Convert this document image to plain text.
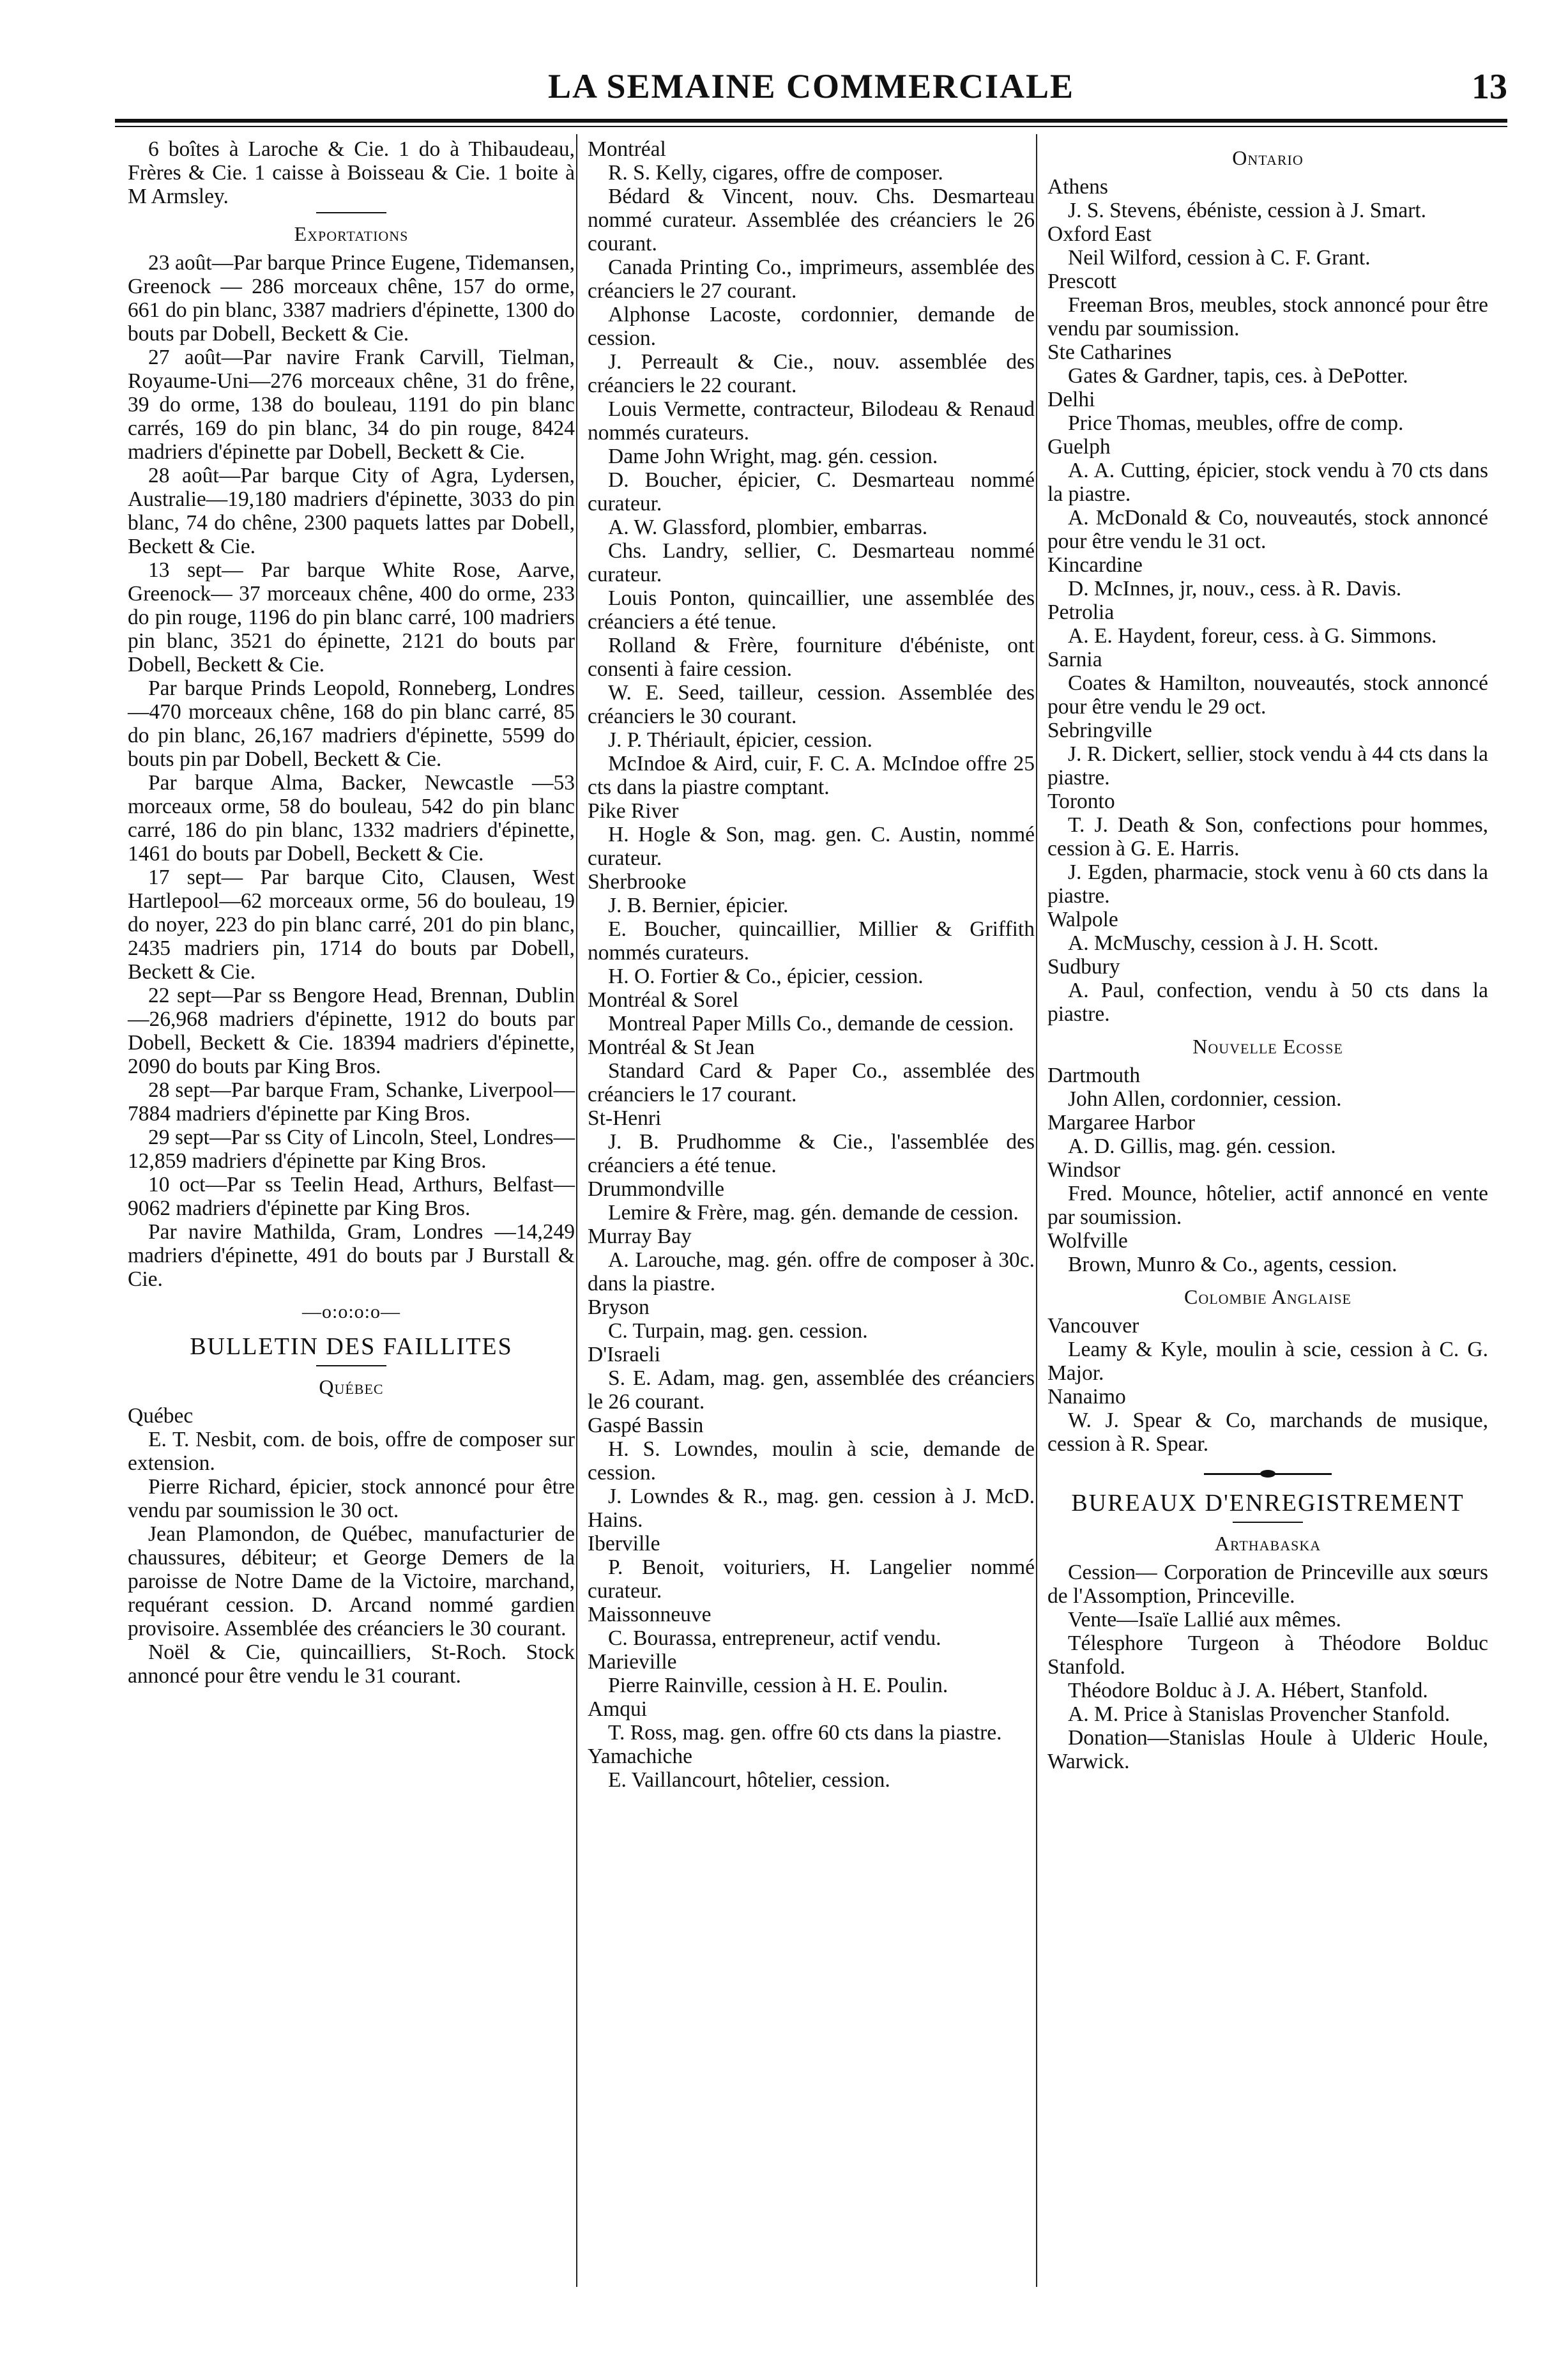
LA SEMAINE COMMERCIALE	13

6 boîtes à Laroche & Cie. 1 do à Thibaudeau, Frères & Cie. 1 caisse à Boisseau & Cie. 1 boite à M Armsley.

Exportations

23 août—Par barque Prince Eugene, Tidemansen, Greenock — 286 morceaux chêne, 157 do orme, 661 do pin blanc, 3387 madriers d'épinette, 1300 do bouts par Dobell, Beckett & Cie.

27 août—Par navire Frank Carvill, Tielman, Royaume-Uni—276 morceaux chêne, 31 do frêne, 39 do orme, 138 do bouleau, 1191 do pin blanc carrés, 169 do pin blanc, 34 do pin rouge, 8424 madriers d'épinette par Dobell, Beckett & Cie.

28 août—Par barque City of Agra, Lydersen, Australie—19,180 madriers d'épinette, 3033 do pin blanc, 74 do chêne, 2300 paquets lattes par Dobell, Beckett & Cie.

13 sept— Par barque White Rose, Aarve, Greenock— 37 morceaux chêne, 400 do orme, 233 do pin rouge, 1196 do pin blanc carré, 100 madriers pin blanc, 3521 do épinette, 2121 do bouts par Dobell, Beckett & Cie.

Par barque Prinds Leopold, Ronneberg, Londres—470 morceaux chêne, 168 do pin blanc carré, 85 do pin blanc, 26,167 madriers d'épinette, 5599 do bouts pin par Dobell, Beckett & Cie.

Par barque Alma, Backer, Newcastle —53 morceaux orme, 58 do bouleau, 542 do pin blanc carré, 186 do pin blanc, 1332 madriers d'épinette, 1461 do bouts par Dobell, Beckett & Cie.

17 sept— Par barque Cito, Clausen, West Hartlepool—62 morceaux orme, 56 do bouleau, 19 do noyer, 223 do pin blanc carré, 201 do pin blanc, 2435 madriers pin, 1714 do bouts par Dobell, Beckett & Cie.

22 sept—Par ss Bengore Head, Brennan, Dublin—26,968 madriers d'épinette, 1912 do bouts par Dobell, Beckett & Cie. 18394 madriers d'épinette, 2090 do bouts par King Bros.

28 sept—Par barque Fram, Schanke, Liverpool—7884 madriers d'épinette par King Bros.

29 sept—Par ss City of Lincoln, Steel, Londres—12,859 madriers d'épinette par King Bros.

10 oct—Par ss Teelin Head, Arthurs, Belfast—9062 madriers d'épinette par King Bros.

Par navire Mathilda, Gram, Londres —14,249 madriers d'épinette, 491 do bouts par J Burstall & Cie.

—o:o:o:o—
BULLETIN DES FAILLITES
Québec

Québec

E. T. Nesbit, com. de bois, offre de composer sur extension.

Pierre Richard, épicier, stock annoncé pour être vendu par soumission le 30 oct.

Jean Plamondon, de Québec, manufacturier de chaussures, débiteur; et George Demers de la paroisse de Notre Dame de la Victoire, marchand, requérant cession. D. Arcand nommé gardien provisoire. Assemblée des créanciers le 30 courant.

Noël & Cie, quincailliers, St-Roch. Stock annoncé pour être vendu le 31 courant.

Montréal

R. S. Kelly, cigares, offre de composer.

Bédard & Vincent, nouv. Chs. Desmarteau nommé curateur. Assemblée des créanciers le 26 courant.

Canada Printing Co., imprimeurs, assemblée des créanciers le 27 courant.

Alphonse Lacoste, cordonnier, demande de cession.

J. Perreault & Cie., nouv. assemblée des créanciers le 22 courant.

Louis Vermette, contracteur, Bilodeau & Renaud nommés curateurs.

Dame John Wright, mag. gén. cession.

D. Boucher, épicier, C. Desmarteau nommé curateur.

A. W. Glassford, plombier, embarras.

Chs. Landry, sellier, C. Desmarteau nommé curateur.

Louis Ponton, quincaillier, une assemblée des créanciers a été tenue.

Rolland & Frère, fourniture d'ébéniste, ont consenti à faire cession.

W. E. Seed, tailleur, cession. Assemblée des créanciers le 30 courant.

J. P. Thériault, épicier, cession.

McIndoe & Aird, cuir, F. C. A. McIndoe offre 25 cts dans la piastre comptant.

Pike River

H. Hogle & Son, mag. gen. C. Austin, nommé curateur.

Sherbrooke

J. B. Bernier, épicier.

E. Boucher, quincaillier, Millier & Griffith nommés curateurs.

H. O. Fortier & Co., épicier, cession.

Montréal & Sorel

Montreal Paper Mills Co., demande de cession.

Montréal & St Jean

Standard Card & Paper Co., assemblée des créanciers le 17 courant.

St-Henri

J. B. Prudhomme & Cie., l'assemblée des créanciers a été tenue.

Drummondville

Lemire & Frère, mag. gén. demande de cession.

Murray Bay

A. Larouche, mag. gén. offre de composer à 30c. dans la piastre.

Bryson

C. Turpain, mag. gen. cession.

D'Israeli

S. E. Adam, mag. gen, assemblée des créanciers le 26 courant.

Gaspé Bassin

H. S. Lowndes, moulin à scie, demande de cession.

J. Lowndes & R., mag. gen. cession à J. McD. Hains.

Iberville

P. Benoit, voituriers, H. Langelier nommé curateur.

Maissonneuve

C. Bourassa, entrepreneur, actif vendu.

Marieville

Pierre Rainville, cession à H. E. Poulin.

Amqui

T. Ross, mag. gen. offre 60 cts dans la piastre.

Yamachiche

E. Vaillancourt, hôtelier, cession.

Ontario

Athens

J. S. Stevens, ébéniste, cession à J. Smart.

Oxford East

Neil Wilford, cession à C. F. Grant.

Prescott

Freeman Bros, meubles, stock annoncé pour être vendu par soumission.

Ste Catharines

Gates & Gardner, tapis, ces. à DePotter.

Delhi

Price Thomas, meubles, offre de comp.

Guelph

A. A. Cutting, épicier, stock vendu à 70 cts dans la piastre.

A. McDonald & Co, nouveautés, stock annoncé pour être vendu le 31 oct.

Kincardine

D. McInnes, jr, nouv., cess. à R. Davis.

Petrolia

A. E. Haydent, foreur, cess. à G. Simmons.

Sarnia

Coates & Hamilton, nouveautés, stock annoncé pour être vendu le 29 oct.

Sebringville

J. R. Dickert, sellier, stock vendu à 44 cts dans la piastre.

Toronto

T. J. Death & Son, confections pour hommes, cession à G. E. Harris.

J. Egden, pharmacie, stock venu à 60 cts dans la piastre.

Walpole

A. McMuschy, cession à J. H. Scott.

Sudbury

A. Paul, confection, vendu à 50 cts dans la piastre.

Nouvelle Ecosse

Dartmouth

John Allen, cordonnier, cession.

Margaree Harbor

A. D. Gillis, mag. gén. cession.

Windsor

Fred. Mounce, hôtelier, actif annoncé en vente par soumission.

Wolfville

Brown, Munro & Co., agents, cession.

Colombie Anglaise

Vancouver

Leamy & Kyle, moulin à scie, cession à C. G. Major.

Nanaimo

W. J. Spear & Co, marchands de musique, cession à R. Spear.

BUREAUX D'ENREGISTREMENT
Arthabaska

Cession— Corporation de Princeville aux sœurs de l'Assomption, Princeville.

Vente—Isaïe Lallié aux mêmes.

Télesphore Turgeon à Théodore Bolduc Stanfold.

Théodore Bolduc à J. A. Hébert, Stanfold.

A. M. Price à Stanislas Provencher Stanfold.

Donation—Stanislas Houle à Ulderic Houle, Warwick.
